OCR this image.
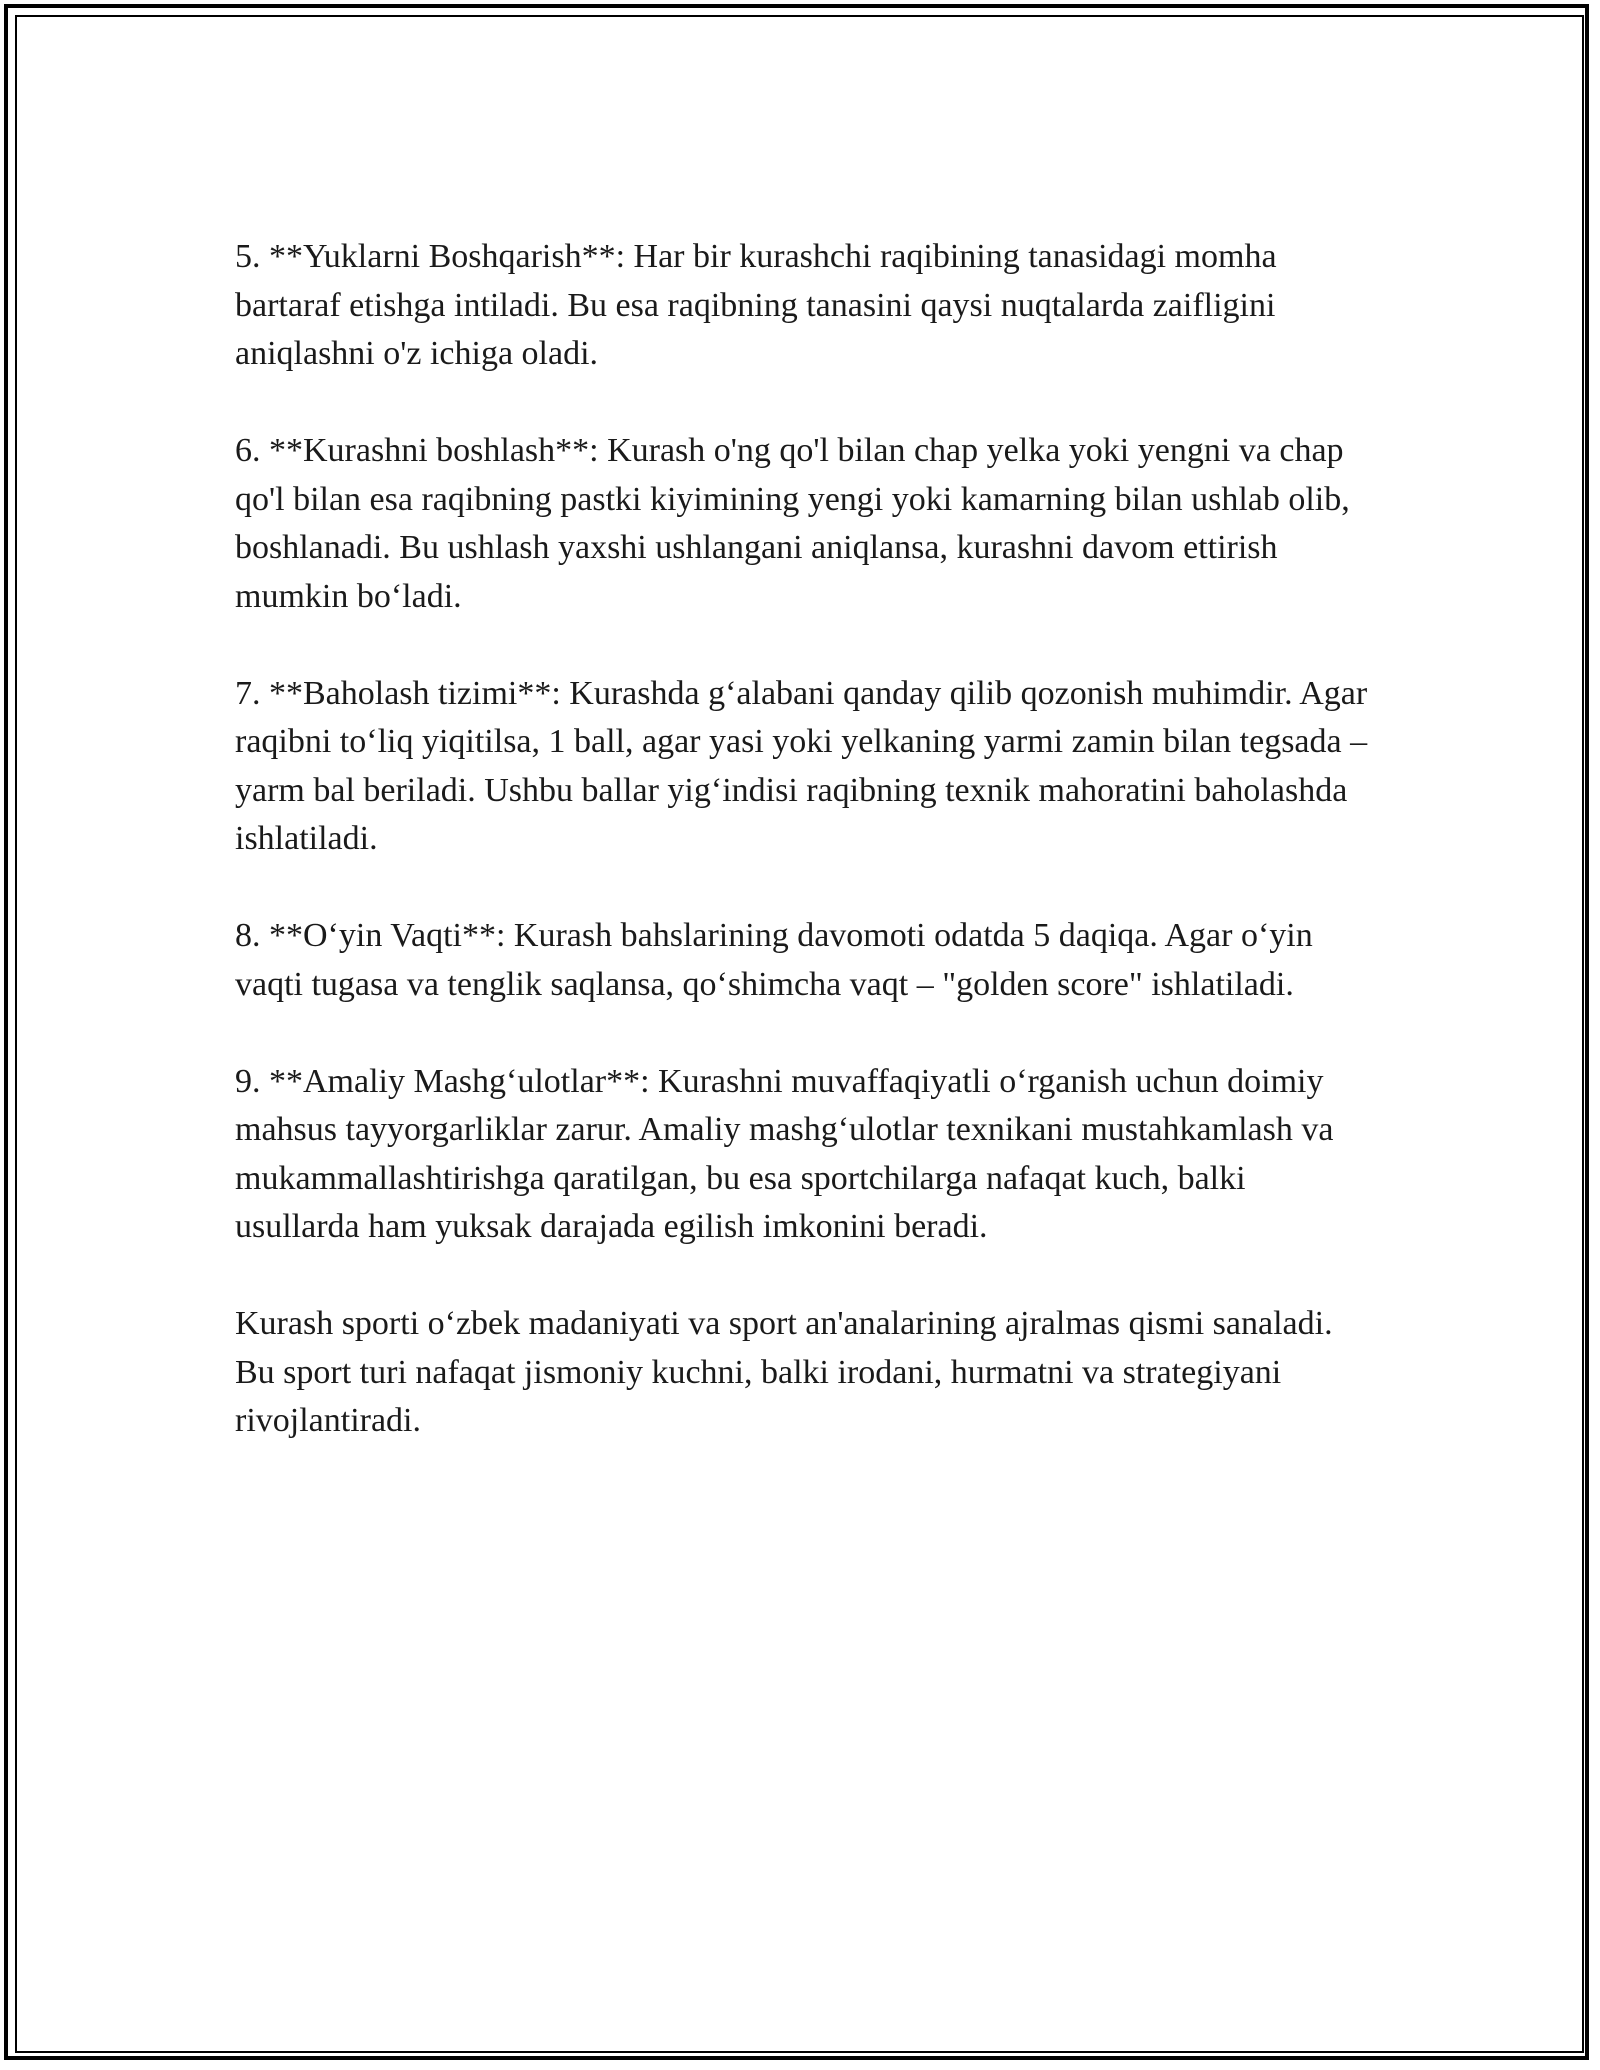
5. **Yuklarni Boshqarish**: Har bir kurashchi raqibining tanasidagi momha bartaraf etishga intiladi. Bu esa raqibning tanasini qaysi nuqtalarda zaifligini aniqlashni o'z ichiga oladi.

6. **Kurashni boshlash**: Kurash o'ng qo'l bilan chap yelka yoki yengni va chap qo'l bilan esa raqibning pastki kiyimining yengi yoki kamarning bilan ushlab olib, boshlanadi. Bu ushlash yaxshi ushlangani aniqlansa, kurashni davom ettirish mumkin bo‘ladi.

7. **Baholash tizimi**: Kurashda g‘alabani qanday qilib qozonish muhimdir. Agar raqibni to‘liq yiqitilsa, 1 ball, agar yasi yoki yelkaning yarmi zamin bilan tegsada – yarm bal beriladi. Ushbu ballar yig‘indisi raqibning texnik mahoratini baholashda ishlatiladi.

8. **O‘yin Vaqti**: Kurash bahslarining davomoti odatda 5 daqiqa. Agar o‘yin vaqti tugasa va tenglik saqlansa, qo‘shimcha vaqt – "golden score" ishlatiladi.

9. **Amaliy Mashg‘ulotlar**: Kurashni muvaffaqiyatli o‘rganish uchun doimiy mahsus tayyorgarliklar zarur. Amaliy mashg‘ulotlar texnikani mustahkamlash va mukammallashtirishga qaratilgan, bu esa sportchilarga nafaqat kuch, balki usullarda ham yuksak darajada egilish imkonini beradi.

Kurash sporti o‘zbek madaniyati va sport an'analarining ajralmas qismi sanaladi. Bu sport turi nafaqat jismoniy kuchni, balki irodani, hurmatni va strategiyani rivojlantiradi.
